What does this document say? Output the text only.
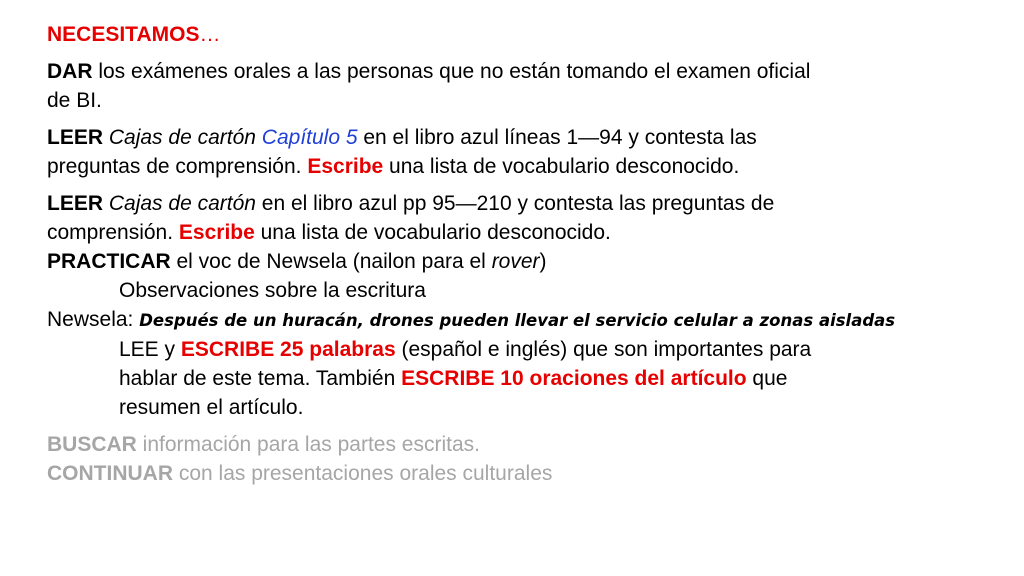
NECESITAMOS…
DAR los exámenes orales a las personas que no están tomando el examen oficial
de BI.
LEER Cajas de cartón Capítulo 5 en el libro azul líneas 1—94 y contesta las
preguntas de comprensión. Escribe una lista de vocabulario desconocido.
LEER Cajas de cartón en el libro azul pp 95—210 y contesta las preguntas de
comprensión. Escribe una lista de vocabulario desconocido.
PRACTICAR el voc de Newsela (nailon para el rover)
Observaciones sobre la escritura
Newsela: Después de un huracán, drones pueden llevar el servicio celular a zonas aisladas
LEE y ESCRIBE 25 palabras (español e inglés) que son importantes para
hablar de este tema. También ESCRIBE 10 oraciones del artículo que
resumen el artículo.
BUSCAR información para las partes escritas.
CONTINUAR con las presentaciones orales culturales
